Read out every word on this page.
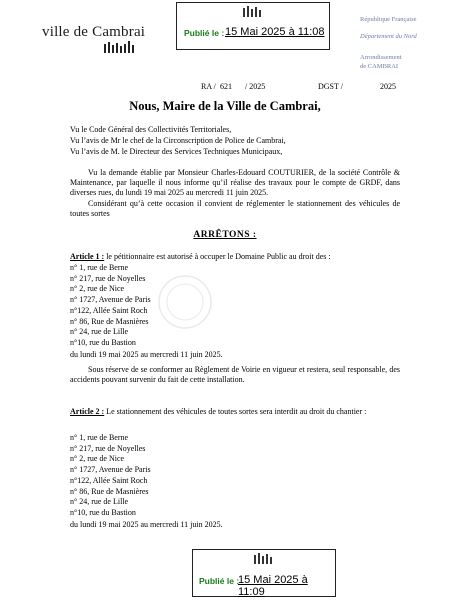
ville de Cambrai	Publié le : 15 Mai 2025 à 11:08
République Française
Département du Nord
Arrondissement
de CAMBRAI
RA / 621 / 2025	DGST /	2025
Nous, Maire de la Ville de Cambrai,
Vu le Code Général des Collectivités Territoriales,
Vu l’avis de Mr le chef de la Circonscription de Police de Cambrai,
Vu l’avis de M. le Directeur des Services Techniques Municipaux,
Vu la demande établie par Monsieur Charles-Edouard COUTURIER, de la société Contrôle & Maintenance, par laquelle il nous informe qu’il réalise des travaux pour le compte de GRDF, dans diverses rues, du lundi 19 mai 2025 au mercredi 11 juin 2025.
Considérant qu’à cette occasion il convient de réglementer le stationnement des véhicules de toutes sortes
ARRÊTONS :
Article 1 : le pétitionnaire est autorisé à occuper le Domaine Public au droit des :
n° 1, rue de Berne
n° 217, rue de Noyelles
n° 2, rue de Nice
n° 1727, Avenue de Paris
n°122, Allée Saint Roch
n° 86, Rue de Masnières
n° 24, rue de Lille
n°10, rue du Bastion
du lundi 19 mai 2025 au mercredi 11 juin 2025.
Sous réserve de se conformer au Règlement de Voirie en vigueur et restera, seul responsable, des accidents pouvant survenir du fait de cette installation.
Article 2 : Le stationnement des véhicules de toutes sortes sera interdit au droit du chantier :
n° 1, rue de Berne
n° 217, rue de Noyelles
n° 2, rue de Nice
n° 1727, Avenue de Paris
n°122, Allée Saint Roch
n° 86, Rue de Masnières
n° 24, rue de Lille
n°10, rue du Bastion
du lundi 19 mai 2025 au mercredi 11 juin 2025.
Publié le :
15 Mai 2025 à 11:09
